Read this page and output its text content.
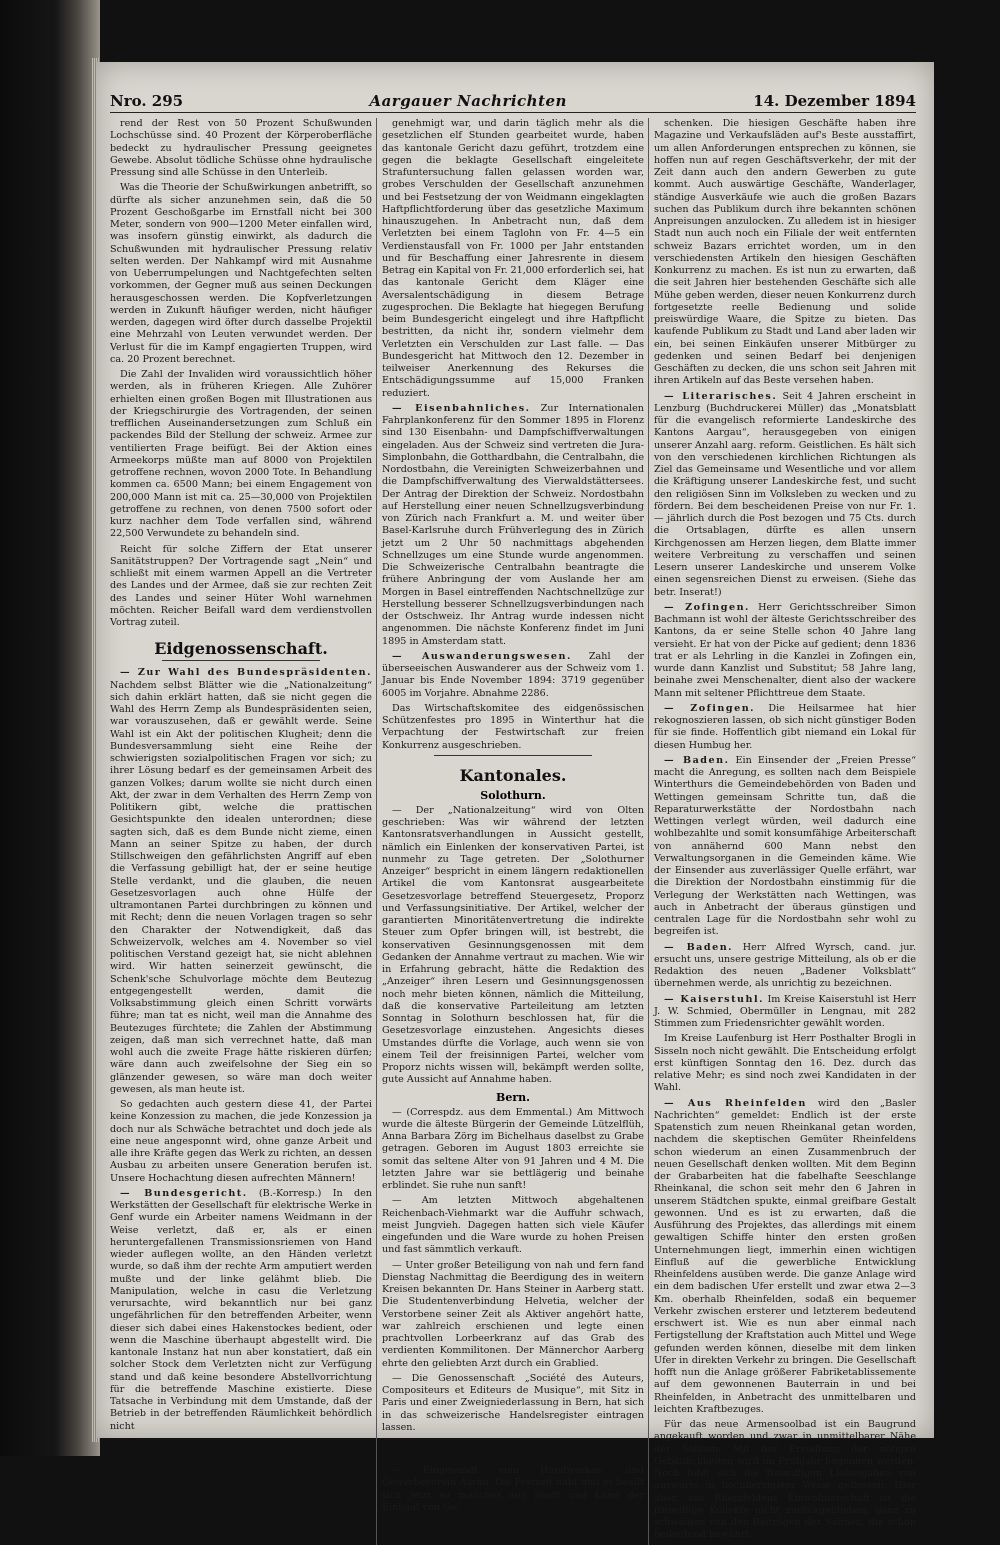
Nro. 295	Aargauer Nachrichten	14. Dezember 1894

rend der Rest von 50 Prozent Schußwunden Lochschüsse sind. 40 Prozent der Körperoberfläche bedeckt zu hydraulischer Pressung geeignetes Gewebe. Absolut tödliche Schüsse ohne hydraulische Pressung sind alle Schüsse in den Unterleib.

Was die Theorie der Schußwirkungen anbetrifft, so dürfte als sicher anzunehmen sein, daß die 50 Prozent Geschoßgarbe im Ernstfall nicht bei 300 Meter, sondern von 900—1200 Meter einfallen wird, was insofern günstig einwirkt, als dadurch die Schußwunden mit hydraulischer Pressung relativ selten werden. Der Nahkampf wird mit Ausnahme von Ueberrumpelungen und Nachtgefechten selten vorkommen, der Gegner muß aus seinen Deckungen herausgeschossen werden. Die Kopfverletzungen werden in Zukunft häufiger werden, nicht häufiger werden, dagegen wird öfter durch dasselbe Projektil eine Mehrzahl von Leuten verwundet werden. Der Verlust für die im Kampf engagierten Truppen, wird ca. 20 Prozent berechnet.

Die Zahl der Invaliden wird voraussichtlich höher werden, als in früheren Kriegen. Alle Zuhörer erhielten einen großen Bogen mit Illustrationen aus der Kriegschirurgie des Vortragenden, der seinen trefflichen Auseinandersetzungen zum Schluß ein packendes Bild der Stellung der schweiz. Armee zur ventilierten Frage beifügt. Bei der Aktion eines Armeekorps müßte man auf 8000 von Projektilen getroffene rechnen, wovon 2000 Tote. In Behandlung kommen ca. 6500 Mann; bei einem Engagement von 200,000 Mann ist mit ca. 25—30,000 von Projektilen getroffene zu rechnen, von denen 7500 sofort oder kurz nachher dem Tode verfallen sind, während 22,500 Verwundete zu behandeln sind.

Reicht für solche Ziffern der Etat unserer Sanitätstruppen? Der Vortragende sagt „Nein“ und schließt mit einem warmen Appell an die Vertreter des Landes und der Armee, daß sie zur rechten Zeit des Landes und seiner Hüter Wohl warnehmen möchten. Reicher Beifall ward dem verdienstvollen Vortrag zuteil.

Eidgenossenschaft.

— Zur Wahl des Bundespräsidenten. Nachdem selbst Blätter wie die „Nationalzeitung“ sich dahin erklärt hatten, daß sie nicht gegen die Wahl des Herrn Zemp als Bundespräsidenten seien, war vorauszusehen, daß er gewählt werde. Seine Wahl ist ein Akt der politischen Klugheit; denn die Bundesversammlung sieht eine Reihe der schwierigsten sozialpolitischen Fragen vor sich; zu ihrer Lösung bedarf es der gemeinsamen Arbeit des ganzen Volkes; darum wollte sie nicht durch einen Akt, der zwar in dem Verhalten des Herrn Zemp von Politikern gibt, welche die prattischen Gesichtspunkte den idealen unterordnen; diese sagten sich, daß es dem Bunde nicht zieme, einen Mann an seiner Spitze zu haben, der durch Stillschweigen den gefährlichsten Angriff auf eben die Verfassung gebilligt hat, der er seine heutige Stelle verdankt, und die glauben, die neuen Gesetzesvorlagen auch ohne Hülfe der ultramontanen Partei durchbringen zu können und mit Recht; denn die neuen Vorlagen tragen so sehr den Charakter der Notwendigkeit, daß das Schweizervolk, welches am 4. November so viel politischen Verstand gezeigt hat, sie nicht ablehnen wird. Wir hatten seinerzeit gewünscht, die Schenk'sche Schulvorlage möchte dem Beutezug entgegengestellt werden, damit die Volksabstimmung gleich einen Schritt vorwärts führe; man tat es nicht, weil man die Annahme des Beutezuges fürchtete; die Zahlen der Abstimmung zeigen, daß man sich verrechnet hatte, daß man wohl auch die zweite Frage hätte riskieren dürfen; wäre dann auch zweifelsohne der Sieg ein so glänzender gewesen, so wäre man doch weiter gewesen, als man heute ist.

So gedachten auch gestern diese 41, der Partei keine Konzession zu machen, die jede Konzession ja doch nur als Schwäche betrachtet und doch jede als eine neue angesponnt wird, ohne ganze Arbeit und alle ihre Kräfte gegen das Werk zu richten, an dessen Ausbau zu arbeiten unsere Generation berufen ist. Unsere Hochachtung diesen aufrechten Männern!

— Bundesgericht. (B.-Korresp.) In den Werkstätten der Gesellschaft für elektrische Werke in Genf wurde ein Arbeiter namens Weidmann in der Weise verletzt, daß er, als er einen heruntergefallenen Transmissionsriemen von Hand wieder auflegen wollte, an den Händen verletzt wurde, so daß ihm der rechte Arm amputiert werden mußte und der linke gelähmt blieb. Die Manipulation, welche in casu die Verletzung verursachte, wird bekanntlich nur bei ganz ungefährlichen für den betreffenden Arbeiter, wenn dieser sich dabei eines Hakenstockes bedient, oder wenn die Maschine überhaupt abgestellt wird. Die kantonale Instanz hat nun aber konstatiert, daß ein solcher Stock dem Verletzten nicht zur Verfügung stand und daß keine besondere Abstellvorrichtung für die betreffende Maschine existierte. Diese Tatsache in Verbindung mit dem Umstande, daß der Betrieb in der betreffenden Räumlichkeit behördlich nicht

genehmigt war, und darin täglich mehr als die gesetzlichen elf Stunden gearbeitet wurde, haben das kantonale Gericht dazu geführt, trotzdem eine gegen die beklagte Gesellschaft eingeleitete Strafuntersuchung fallen gelassen worden war, grobes Verschulden der Gesellschaft anzunehmen und bei Festsetzung der von Weidmann eingeklagten Haftpflichtforderung über das gesetzliche Maximum hinauszugehen. In Anbetracht nun, daß dem Verletzten bei einem Taglohn von Fr. 4—5 ein Verdienstausfall von Fr. 1000 per Jahr entstanden und für Beschaffung einer Jahresrente in diesem Betrag ein Kapital von Fr. 21,000 erforderlich sei, hat das kantonale Gericht dem Kläger eine Aversalentschädigung in diesem Betrage zugesprochen. Die Beklagte hat hiegegen Berufung beim Bundesgericht eingelegt und ihre Haftpflicht bestritten, da nicht ihr, sondern vielmehr dem Verletzten ein Verschulden zur Last falle. — Das Bundesgericht hat Mittwoch den 12. Dezember in teilweiser Anerkennung des Rekurses die Entschädigungssumme auf 15,000 Franken reduziert.

— Eisenbahnliches. Zur Internationalen Fahrplankonferenz für den Sommer 1895 in Florenz sind 130 Eisenbahn- und Dampfschiffverwaltungen eingeladen. Aus der Schweiz sind vertreten die Jura-Simplonbahn, die Gotthardbahn, die Centralbahn, die Nordostbahn, die Vereinigten Schweizerbahnen und die Dampfschiffverwaltung des Vierwaldstättersees. Der Antrag der Direktion der Schweiz. Nordostbahn auf Herstellung einer neuen Schnellzugsverbindung von Zürich nach Frankfurt a. M. und weiter über Basel-Karlsruhe durch Frühverlegung des in Zürich jetzt um 2 Uhr 50 nachmittags abgehenden Schnellzuges um eine Stunde wurde angenommen. Die Schweizerische Centralbahn beantragte die frühere Anbringung der vom Auslande her am Morgen in Basel eintreffenden Nachtschnellzüge zur Herstellung besserer Schnellzugsverbindungen nach der Ostschweiz. Ihr Antrag wurde indessen nicht angenommen. Die nächste Konferenz findet im Juni 1895 in Amsterdam statt.

— Auswanderungswesen. Zahl der überseeischen Auswanderer aus der Schweiz vom 1. Januar bis Ende November 1894: 3719 gegenüber 6005 im Vorjahre. Abnahme 2286.

Das Wirtschaftskomitee des eidgenössischen Schützenfestes pro 1895 in Winterthur hat die Verpachtung der Festwirtschaft zur freien Konkurrenz ausgeschrieben.

Kantonales.
Solothurn.

— Der „Nationalzeitung“ wird von Olten geschrieben: Was wir während der letzten Kantonsratsverhandlungen in Aussicht gestellt, nämlich ein Einlenken der konservativen Partei, ist nunmehr zu Tage getreten. Der „Solothurner Anzeiger“ bespricht in einem längern redaktionellen Artikel die vom Kantonsrat ausgearbeitete Gesetzesvorlage betreffend Steuergesetz, Proporz und Verfassungsinitiative. Der Artikel, welcher der garantierten Minoritätenvertretung die indirekte Steuer zum Opfer bringen will, ist bestrebt, die konservativen Gesinnungsgenossen mit dem Gedanken der Annahme vertraut zu machen. Wie wir in Erfahrung gebracht, hätte die Redaktion des „Anzeiger“ ihren Lesern und Gesinnungsgenossen noch mehr bieten können, nämlich die Mitteilung, daß die konservative Parteileitung am letzten Sonntag in Solothurn beschlossen hat, für die Gesetzesvorlage einzustehen. Angesichts dieses Umstandes dürfte die Vorlage, auch wenn sie von einem Teil der freisinnigen Partei, welcher vom Proporz nichts wissen will, bekämpft werden sollte, gute Aussicht auf Annahme haben.

Bern.

— (Correspdz. aus dem Emmental.) Am Mittwoch wurde die älteste Bürgerin der Gemeinde Lützelflüh, Anna Barbara Zörg im Bichelhaus daselbst zu Grabe getragen. Geboren im August 1803 erreichte sie somit das seltene Alter von 91 Jahren und 4 M. Die letzten Jahre war sie bettlägerig und beinahe erblindet. Sie ruhe nun sanft!

— Am letzten Mittwoch abgehaltenen Reichenbach-Viehmarkt war die Auffuhr schwach, meist Jungvieh. Dagegen hatten sich viele Käufer eingefunden und die Ware wurde zu hohen Preisen und fast sämmtlich verkauft.

— Unter großer Beteiligung von nah und fern fand Dienstag Nachmittag die Beerdigung des in weitern Kreisen bekannten Dr. Hans Steiner in Aarberg statt. Die Studentenverbindung Helvetia, welcher der Verstorbene seiner Zeit als Aktiver angehört hatte, war zahlreich erschienen und legte einen prachtvollen Lorbeerkranz auf das Grab des verdienten Kommilitonen. Der Männerchor Aarberg ehrte den geliebten Arzt durch ein Grablied.

— Die Genossenschaft „Société des Auteurs, Compositeurs et Editeurs de Musique“, mit Sitz in Paris und einer Zweigniederlassung in Bern, hat sich in das schweizerische Handelsregister eintragen lassen.

Aargau.

— Eingesandt vom Handwerker- und Gewerbeverein Aarau. Die Festzeit naht und es beeilt sich jetzt so manches aus Stadt und Land der Einkauf von Ge-

schenken. Die hiesigen Geschäfte haben ihre Magazine und Verkaufsläden auf's Beste ausstaffirt, um allen Anforderungen entsprechen zu können, sie hoffen nun auf regen Geschäftsverkehr, der mit der Zeit dann auch den andern Gewerben zu gute kommt. Auch auswärtige Geschäfte, Wanderlager, ständige Ausverkäufe wie auch die großen Bazars suchen das Publikum durch ihre bekannten schönen Anpreisungen anzulocken. Zu alledem ist in hiesiger Stadt nun auch noch ein Filiale der weit entfernten schweiz Bazars errichtet worden, um in den verschiedensten Artikeln den hiesigen Geschäften Konkurrenz zu machen. Es ist nun zu erwarten, daß die seit Jahren hier bestehenden Geschäfte sich alle Mühe geben werden, dieser neuen Konkurrenz durch fortgesetzte reelle Bedienung und solide preiswürdige Waare, die Spitze zu bieten. Das kaufende Publikum zu Stadt und Land aber laden wir ein, bei seinen Einkäufen unserer Mitbürger zu gedenken und seinen Bedarf bei denjenigen Geschäften zu decken, die uns schon seit Jahren mit ihren Artikeln auf das Beste versehen haben.

— Literarisches. Seit 4 Jahren erscheint in Lenzburg (Buchdruckerei Müller) das „Monatsblatt für die evangelisch reformierte Landeskirche des Kantons Aargau“, herausgegeben von einigen unserer Anzahl aarg. reform. Geistlichen. Es hält sich von den verschiedenen kirchlichen Richtungen als Ziel das Gemeinsame und Wesentliche und vor allem die Kräftigung unserer Landeskirche fest, und sucht den religiösen Sinn im Volksleben zu wecken und zu fördern. Bei dem bescheidenen Preise von nur Fr. 1.— jährlich durch die Post bezogen und 75 Cts. durch die Ortsablagen, dürfte es allen unsern Kirchgenossen am Herzen liegen, dem Blatte immer weitere Verbreitung zu verschaffen und seinen Lesern unserer Landeskirche und unserem Volke einen segensreichen Dienst zu erweisen. (Siehe das betr. Inserat!)

— Zofingen. Herr Gerichtsschreiber Simon Bachmann ist wohl der älteste Gerichtsschreiber des Kantons, da er seine Stelle schon 40 Jahre lang versieht. Er hat von der Picke auf gedient; denn 1836 trat er als Lehrling in die Kanzlei in Zofingen ein, wurde dann Kanzlist und Substitut; 58 Jahre lang, beinahe zwei Menschenalter, dient also der wackere Mann mit seltener Pflichttreue dem Staate.

— Zofingen. Die Heilsarmee hat hier rekognoszieren lassen, ob sich nicht günstiger Boden für sie finde. Hoffentlich gibt niemand ein Lokal für diesen Humbug her.

— Baden. Ein Einsender der „Freien Presse“ macht die Anregung, es sollten nach dem Beispiele Winterthurs die Gemeindebehörden von Baden und Wettingen gemeinsam Schritte tun, daß die Reparaturwerkstätte der Nordostbahn nach Wettingen verlegt würden, weil dadurch eine wohlbezahlte und somit konsumfähige Arbeiterschaft von annähernd 600 Mann nebst den Verwaltungsorganen in die Gemeinden käme. Wie der Einsender aus zuverlässiger Quelle erfährt, war die Direktion der Nordostbahn einstimmig für die Verlegung der Werkstätten nach Wettingen, was auch in Anbetracht der überaus günstigen und centralen Lage für die Nordostbahn sehr wohl zu begreifen ist.

— Baden. Herr Alfred Wyrsch, cand. jur. ersucht uns, unsere gestrige Mitteilung, als ob er die Redaktion des neuen „Badener Volksblatt“ übernehmen werde, als unrichtig zu bezeichnen.

— Kaiserstuhl. Im Kreise Kaiserstuhl ist Herr J. W. Schmied, Obermüller in Lengnau, mit 282 Stimmen zum Friedensrichter gewählt worden.

Im Kreise Laufenburg ist Herr Posthalter Brogli in Sisseln noch nicht gewählt. Die Entscheidung erfolgt erst künftigen Sonntag den 16. Dez. durch das relative Mehr; es sind noch zwei Kandidaten in der Wahl.

— Aus Rheinfelden wird den „Basler Nachrichten“ gemeldet: Endlich ist der erste Spatenstich zum neuen Rheinkanal getan worden, nachdem die skeptischen Gemüter Rheinfeldens schon wiederum an einen Zusammenbruch der neuen Gesellschaft denken wollten. Mit dem Beginn der Grabarbeiten hat die fabelhafte Seeschlange Rheinkanal, die schon seit mehr den 6 Jahren in unserem Städtchen spukte, einmal greifbare Gestalt gewonnen. Und es ist zu erwarten, daß die Ausführung des Projektes, das allerdings mit einem gewaltigen Schiffe hinter den ersten großen Unternehmungen liegt, immerhin einen wichtigen Einfluß auf die gewerbliche Entwicklung Rheinfeldens ausüben werde. Die ganze Anlage wird ein dem badischen Ufer erstellt und zwar etwa 2—3 Km. oberhalb Rheinfelden, sodaß ein bequemer Verkehr zwischen ersterer und letzterem bedeutend erschwert ist. Wie es nun aber einmal nach Fertigstellung der Kraftstation auch Mittel und Wege gefunden werden können, dieselbe mit dem linken Ufer in direkten Verkehr zu bringen. Die Gesellschaft hofft nun die Anlage größerer Fabriketablissemente auf dem gewonnenen Bauterrain in und bei Rheinfelden, in Anbetracht des unmittelbaren und leichten Kraftbezuges.

Für das neue Armensoolbad ist ein Baugrund angekauft worden und zwar in unmittelbarer Nähe der Salinen. Mit der Erstellung der nötigen Gebäulichkeiten wird im Frühjahr begonnen werden. Noch fehlt sich die freiwilligen Liebesgaben von auswärts in hochherzigster Weise geflossen. Hier aber, aus Rheinfeldens Einwohnerschaft ist die freiwillige Kollekte nicht zurückgeblieben, ganz zu schweigen von den Beiträgen der Salinen, die schon bedeutend bewährt.
